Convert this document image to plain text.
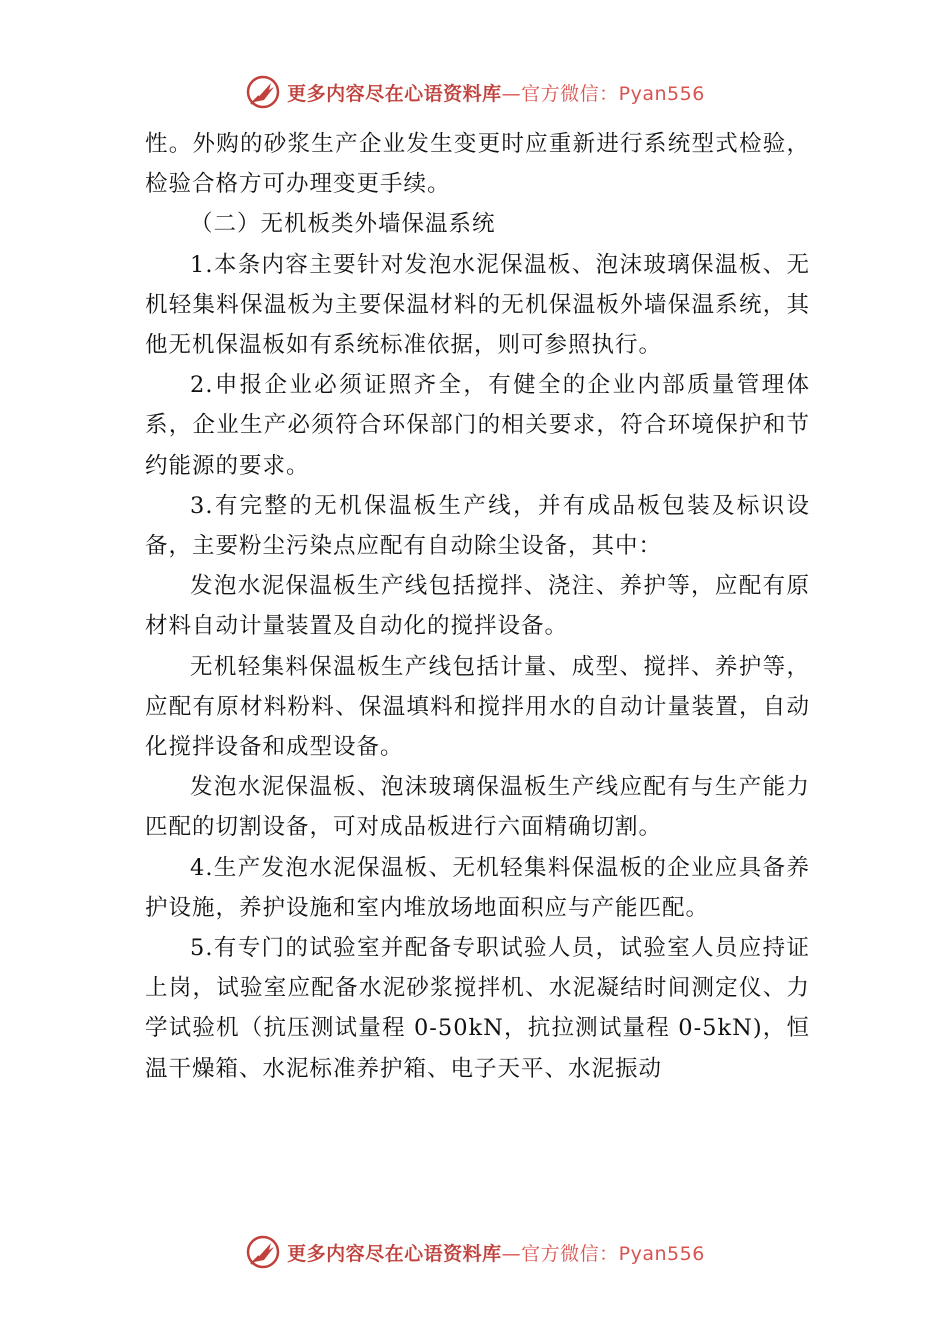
更多内容尽在心语资料库—官方微信：Pyan556

性。外购的砂浆生产企业发生变更时应重新进行系统型式检验，检验合格方可办理变更手续。

（二）无机板类外墙保温系统

1.本条内容主要针对发泡水泥保温板、泡沫玻璃保温板、无机轻集料保温板为主要保温材料的无机保温板外墙保温系统，其他无机保温板如有系统标准依据，则可参照执行。

2.申报企业必须证照齐全，有健全的企业内部质量管理体系，企业生产必须符合环保部门的相关要求，符合环境保护和节约能源的要求。

3.有完整的无机保温板生产线，并有成品板包装及标识设备，主要粉尘污染点应配有自动除尘设备，其中：

发泡水泥保温板生产线包括搅拌、浇注、养护等，应配有原材料自动计量装置及自动化的搅拌设备。

无机轻集料保温板生产线包括计量、成型、搅拌、养护等，应配有原材料粉料、保温填料和搅拌用水的自动计量装置，自动化搅拌设备和成型设备。

发泡水泥保温板、泡沫玻璃保温板生产线应配有与生产能力匹配的切割设备，可对成品板进行六面精确切割。

4.生产发泡水泥保温板、无机轻集料保温板的企业应具备养护设施，养护设施和室内堆放场地面积应与产能匹配。

5.有专门的试验室并配备专职试验人员，试验室人员应持证上岗，试验室应配备水泥砂浆搅拌机、水泥凝结时间测定仪、力学试验机（抗压测试量程 0-50kN，抗拉测试量程 0-5kN)，恒温干燥箱、水泥标准养护箱、电子天平、水泥振动

更多内容尽在心语资料库—官方微信：Pyan556
